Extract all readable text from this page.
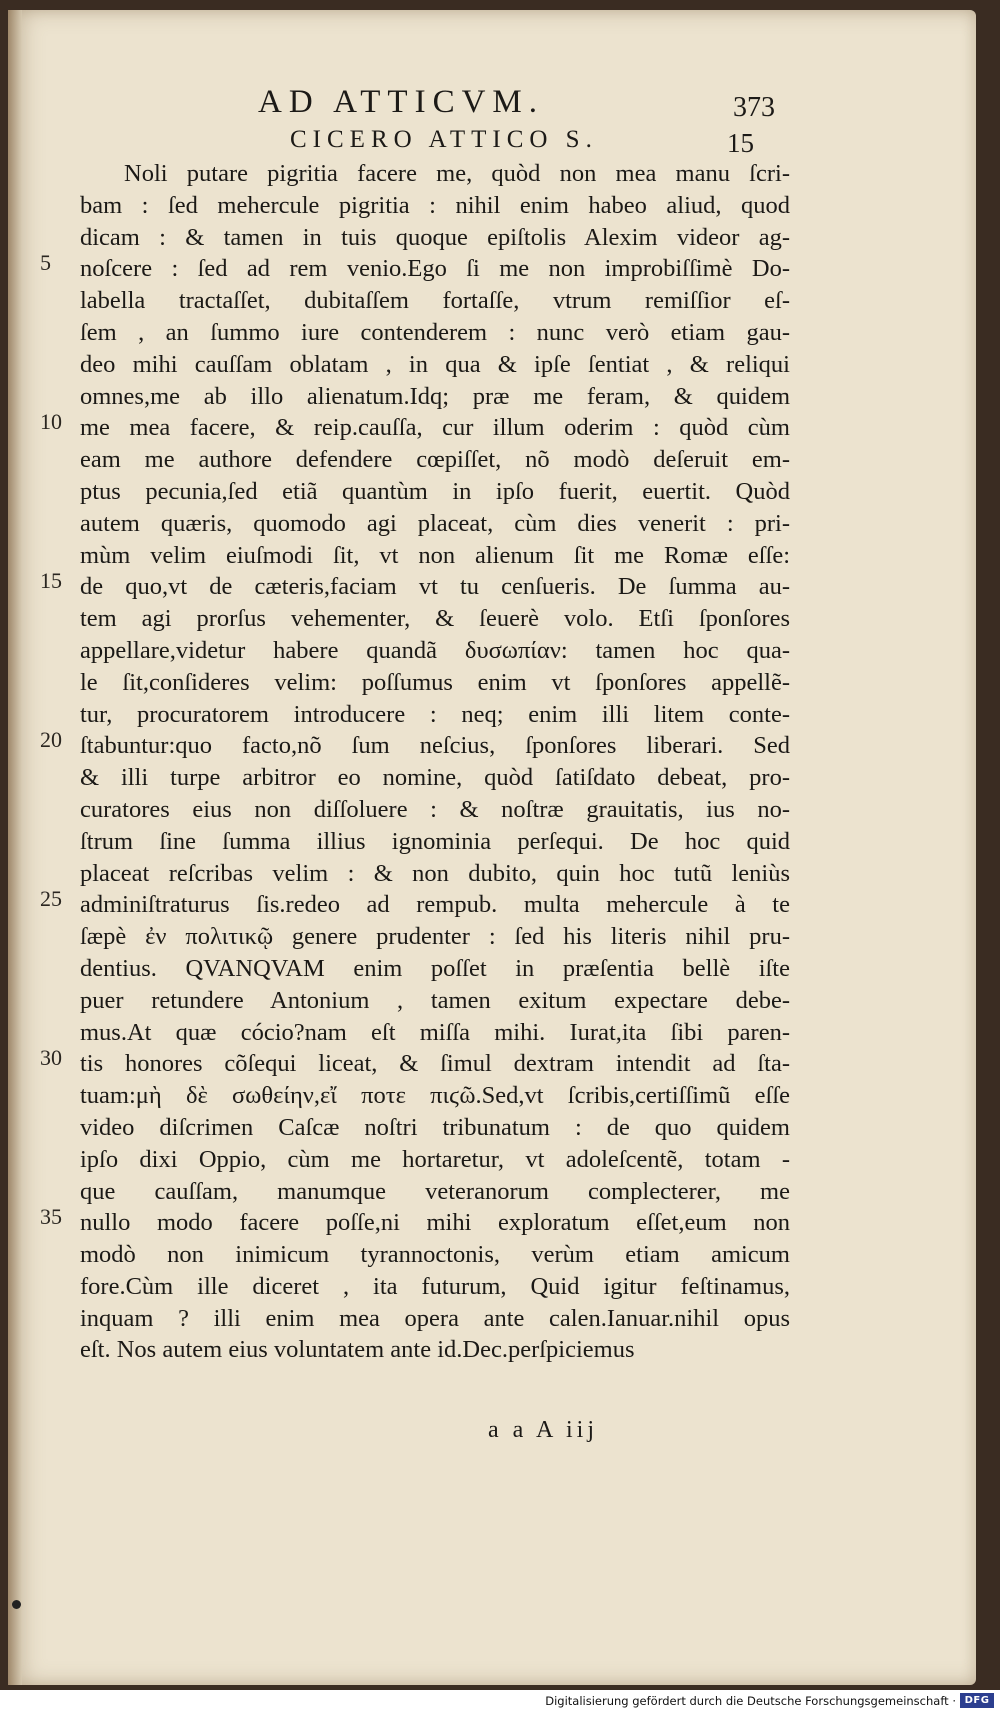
AD ATTICVM.	373
CICERO ATTICO S.	15
Noli putare pigritia facere me, quòd non mea manu ſcri-
bam : ſed mehercule pigritia : nihil enim habeo aliud, quod
dicam : & tamen in tuis quoque epiſtolis Alexim videor ag-
noſcere : ſed ad rem venio.Ego ſi me non improbiſſimè Do-
labella tractaſſet, dubitaſſem fortaſſe, vtrum remiſſior eſ-
ſem , an ſummo iure contenderem : nunc verò etiam gau-
deo mihi cauſſam oblatam , in qua & ipſe ſentiat , & reliqui
omnes,me ab illo alienatum.Idq; præ me feram, & quidem
me mea facere, & reip.cauſſa, cur illum oderim : quòd cùm
eam me authore defendere cœpiſſet, nõ modò deſeruit em-
ptus pecunia,ſed etiã quantùm in ipſo fuerit, euertit. Quòd
autem quæris, quomodo agi placeat, cùm dies venerit : pri-
mùm velim eiuſmodi ſit, vt non alienum ſit me Romæ eſſe:
de quo,vt de cæteris,faciam vt tu cenſueris. De ſumma au-
tem agi prorſus vehementer, & ſeuerè volo. Etſi ſponſores
appellare,videtur habere quandã δυσωπίαν: tamen hoc qua-
le ſit,conſideres velim: poſſumus enim vt ſponſores appellẽ-
tur, procuratorem introducere : neq; enim illi litem conte-
ſtabuntur:quo facto,nõ ſum neſcius, ſponſores liberari. Sed
& illi turpe arbitror eo nomine, quòd ſatiſdato debeat, pro-
curatores eius non diſſoluere : & noſtræ grauitatis, ius no-
ſtrum ſine ſumma illius ignominia perſequi. De hoc quid
placeat reſcribas velim : & non dubito, quin hoc tutũ leniùs
adminiſtraturus ſis.redeo ad rempub. multa mehercule à te
ſæpè ἐν πολιτικῷ genere prudenter : ſed his literis nihil pru-
dentius. QVANQVAM enim poſſet in præſentia bellè iſte
puer retundere Antonium , tamen exitum expectare debe-
mus.At quæ cócio?nam eſt miſſa mihi. Iurat,ita ſibi paren-
tis honores cõſequi liceat, & ſimul dextram intendit ad ſta-
tuam:μὴ δὲ σωθείην,εἴ ποτε πιϛῶ.Sed,vt ſcribis,certiſſimũ eſſe
video diſcrimen Caſcæ noſtri tribunatum : de quo quidem
ipſo dixi Oppio, cùm me hortaretur, vt adoleſcentẽ, totam -
que cauſſam, manumque veteranorum complecterer, me
nullo modo facere poſſe,ni mihi exploratum eſſet,eum non
modò non inimicum tyrannoctonis, verùm etiam amicum
fore.Cùm ille diceret , ita futurum, Quid igitur feſtinamus,
inquam ? illi enim mea opera ante calen.Ianuar.nihil opus
eſt. Nos autem eius voluntatem ante id.Dec.perſpiciemus
5
10
15
20
25
30
35
a a A iij
Digitalisierung gefördert durch die Deutsche Forschungsgemeinschaft · DFG
